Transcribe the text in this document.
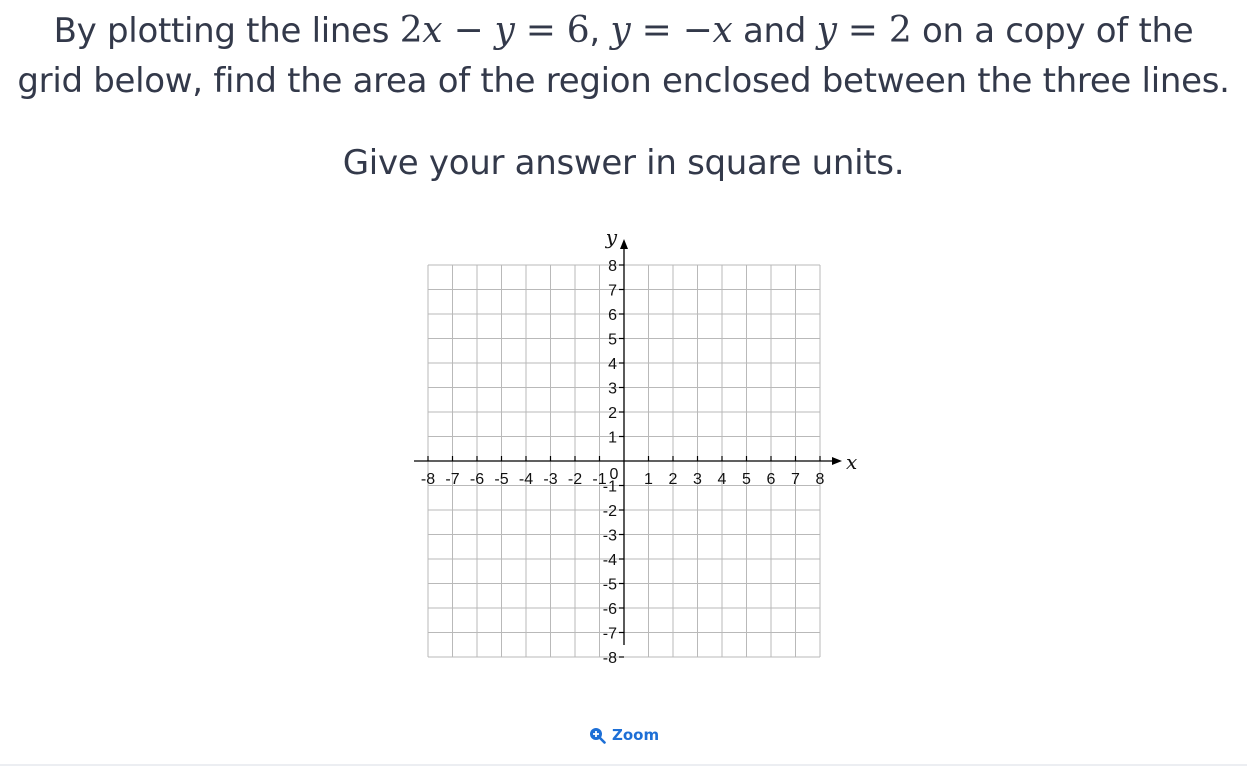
By plotting the lines 2x − y = 6, y = −x and y = 2 on a copy of the
grid below, find the area of the region enclosed between the three lines.
Give your answer in square units.
-8 -7 -6 -5 -4 -3 -2 -1 1 2 3 4 5 6 7 8
8
7
6
5
4
3
2
1
-1
-2
-3
-4
-5
-6
-7
-8
0
x
y
Zoom
